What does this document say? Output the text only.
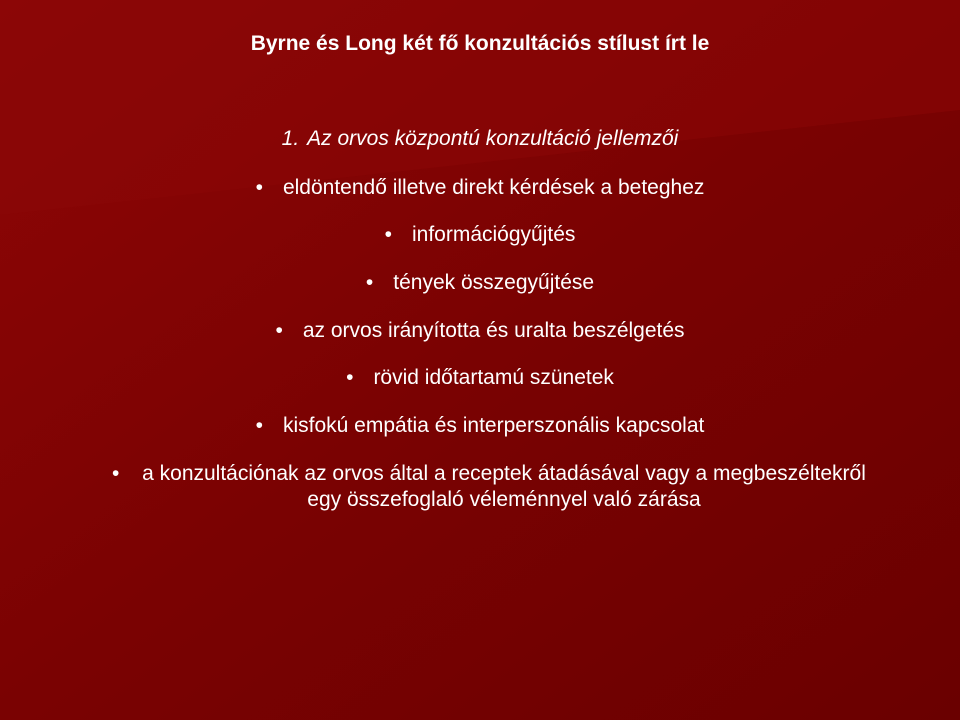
Byrne és Long két fő konzultációs stílust írt le
1. Az orvos központú konzultáció jellemzői
• eldöntendő illetve direkt kérdések a beteghez
• információgyűjtés
• tények összegyűjtése
• az orvos irányította és uralta beszélgetés
• rövid időtartamú szünetek
• kisfokú empátia és interperszonális kapcsolat
•	a konzultációnak az orvos által a receptek átadásával vagy a megbeszéltekről egy összefoglaló véleménnyel való zárása
